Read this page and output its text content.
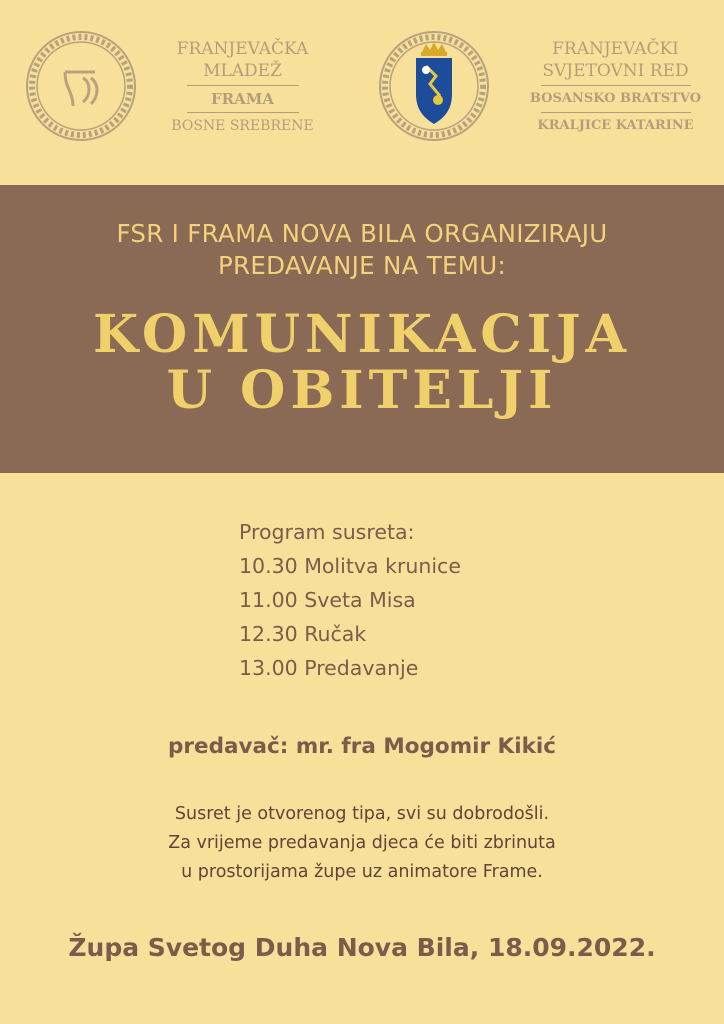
FRANJEVAČKA
MLADEŽ
FRAMA
BOSNE SREBRENE
FRANJEVAČKI
SVJETOVNI RED
BOSANSKO BRATSTVO
KRALJICE KATARINE
FSR I FRAMA NOVA BILA ORGANIZIRAJU
PREDAVANJE NA TEMU:
KOMUNIKACIJA
U OBITELJI
Program susreta:
10.30 Molitva krunice
11.00 Sveta Misa
12.30 Ručak
13.00 Predavanje
predavač: mr. fra Mogomir Kikić
Susret je otvorenog tipa, svi su dobrodošli.
Za vrijeme predavanja djeca će biti zbrinuta
u prostorijama župe uz animatore Frame.
Župa Svetog Duha Nova Bila, 18.09.2022.
